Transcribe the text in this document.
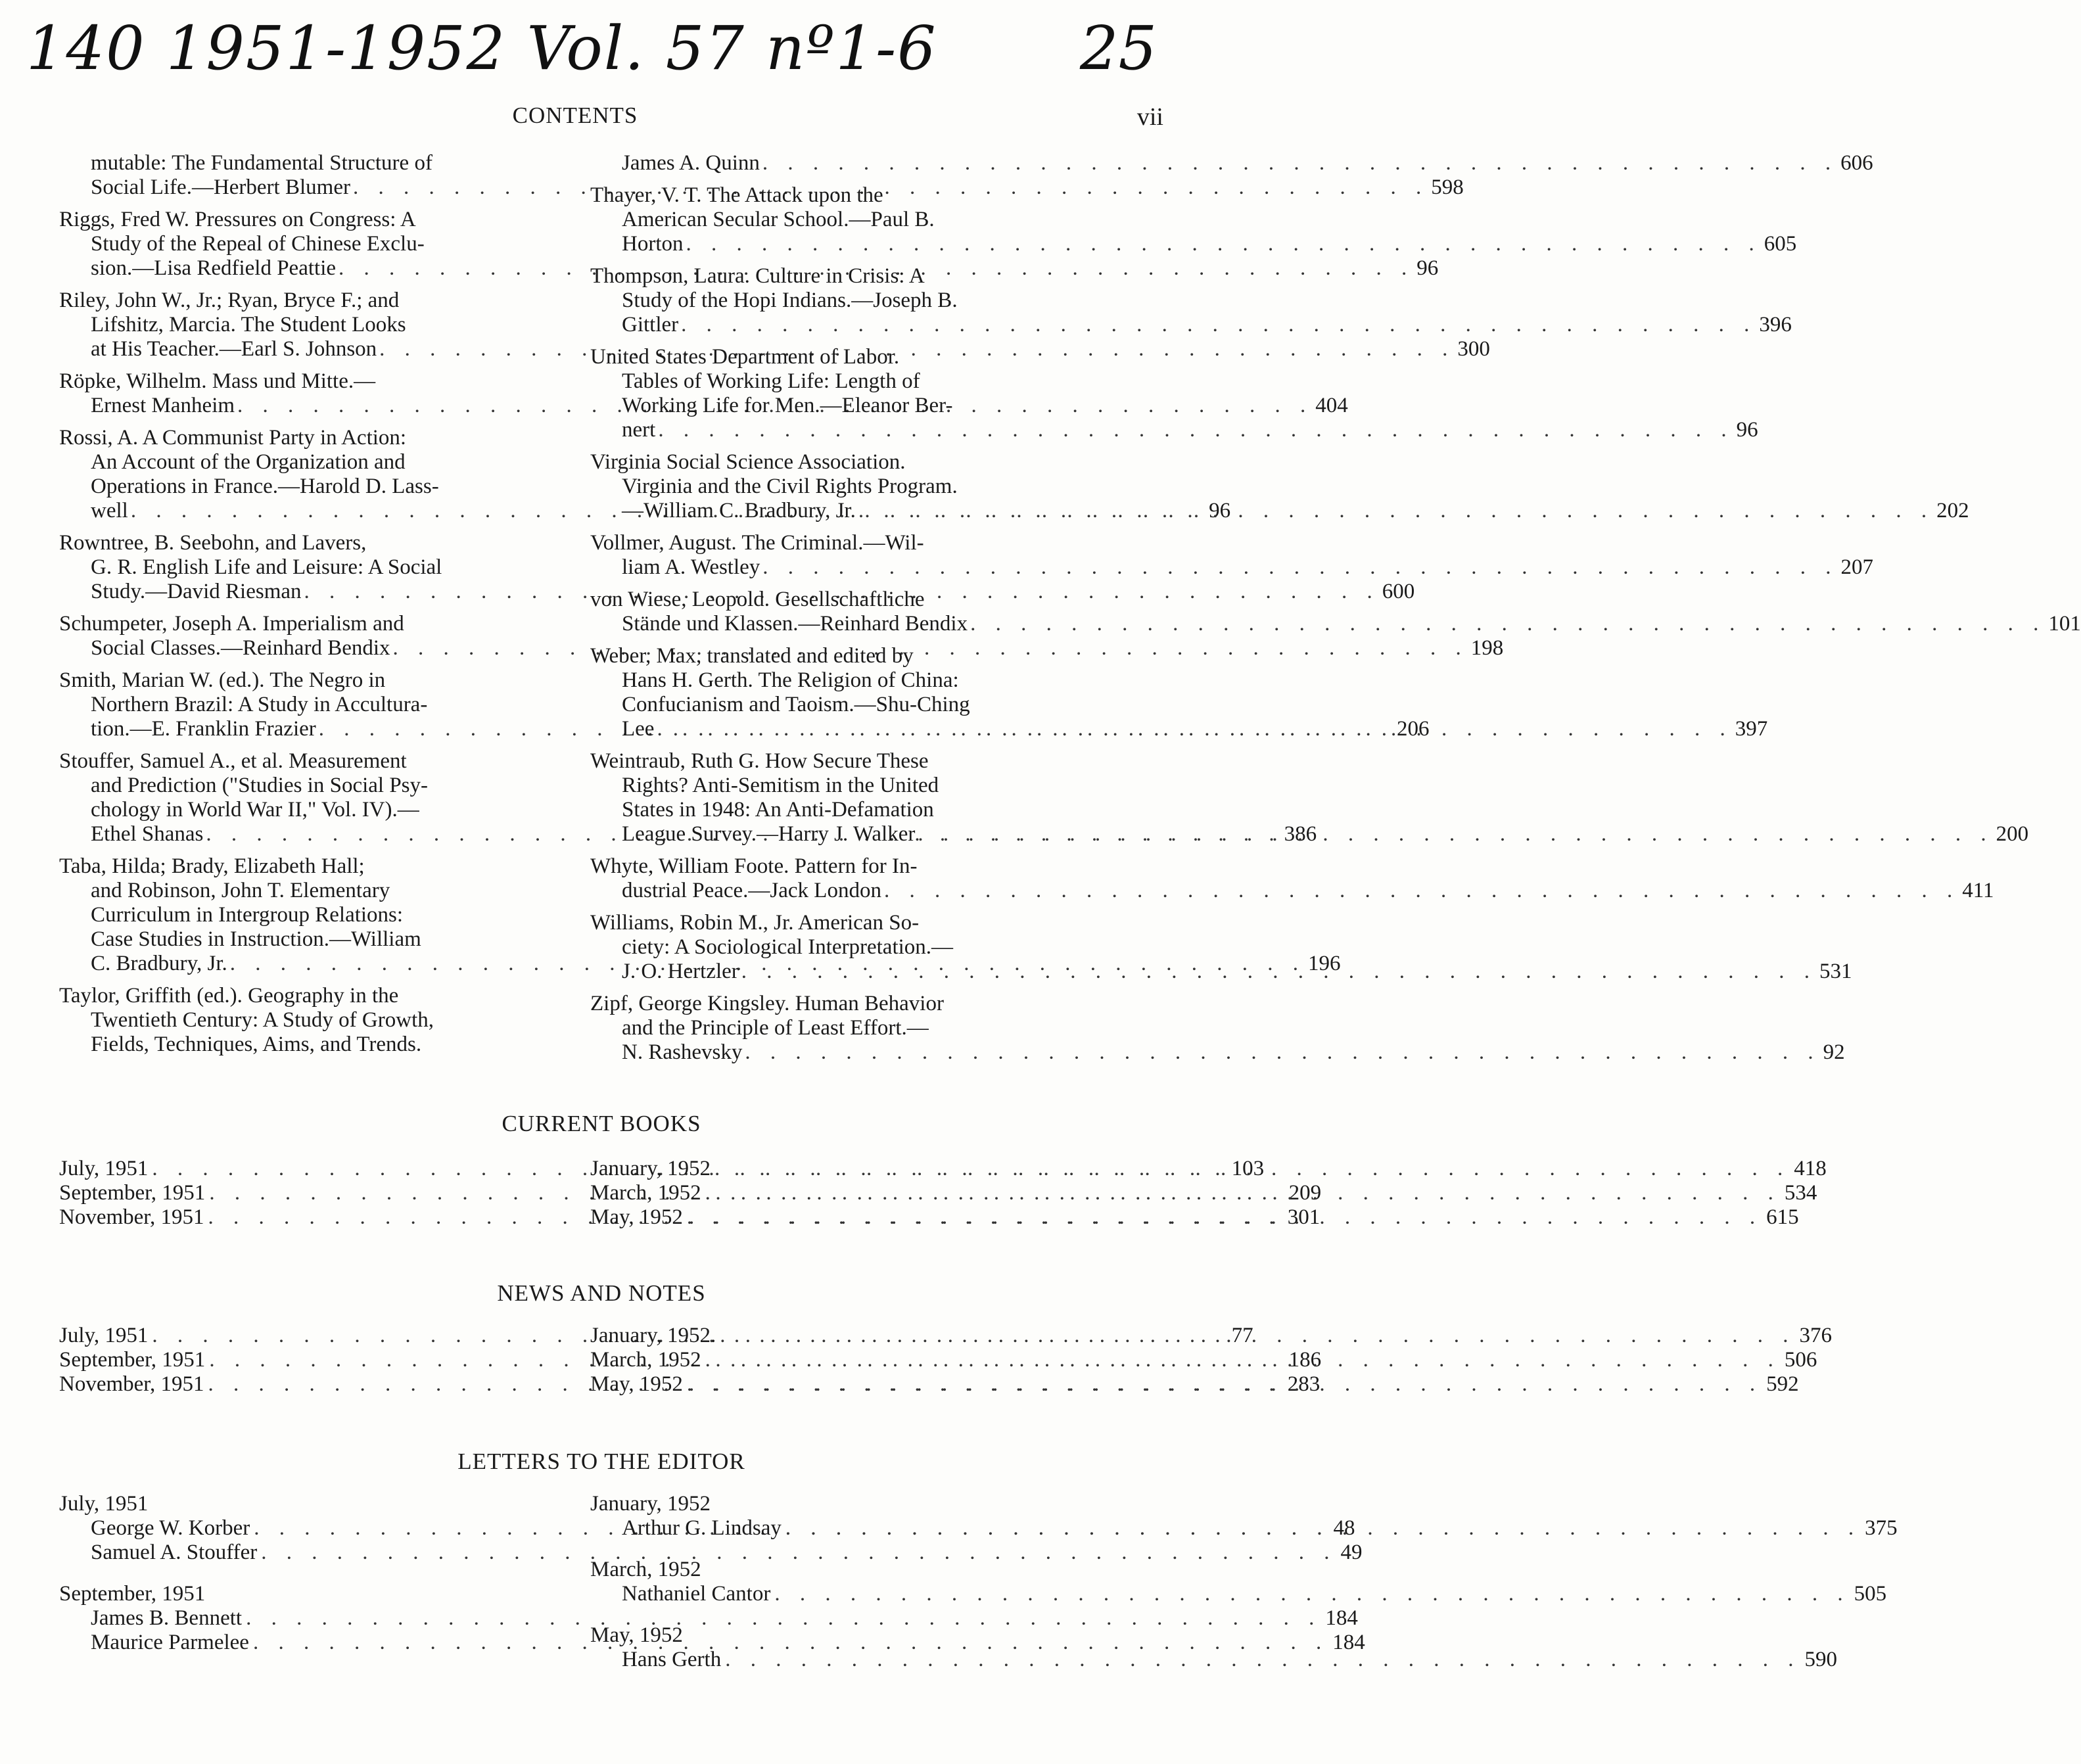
140 1951-1952 Vol. 57 nº1-6 25
CONTENTS	vii
mutable: The Fundamental Structure of
Social Life.—Herbert Blumer . . .	598
Riggs, Fred W. Pressures on Congress: A
Study of the Repeal of Chinese Exclu-
sion.—Lisa Redfield Peattie . . .	96
Riley, John W., Jr.; Ryan, Bryce F.; and
Lifshitz, Marcia. The Student Looks
at His Teacher.—Earl S. Johnson . . .	300
Röpke, Wilhelm. Mass und Mitte.—
Ernest Manheim . . .	404
Rossi, A. A Communist Party in Action:
An Account of the Organization and
Operations in France.—Harold D. Lass-
well . . .	96
Rowntree, B. Seebohn, and Lavers,
G. R. English Life and Leisure: A Social
Study.—David Riesman . . .	600
Schumpeter, Joseph A. Imperialism and
Social Classes.—Reinhard Bendix . . .	198
Smith, Marian W. (ed.). The Negro in
Northern Brazil: A Study in Accultura-
tion.—E. Franklin Frazier . . .	206
Stouffer, Samuel A., et al. Measurement
and Prediction ("Studies in Social Psy-
chology in World War II," Vol. IV).—
Ethel Shanas . . .	386
Taba, Hilda; Brady, Elizabeth Hall;
and Robinson, John T. Elementary
Curriculum in Intergroup Relations:
Case Studies in Instruction.—William
C. Bradbury, Jr. . . .	196
Taylor, Griffith (ed.). Geography in the
Twentieth Century: A Study of Growth,
Fields, Techniques, Aims, and Trends.
James A. Quinn . . .	606
Thayer, V. T. The Attack upon the
American Secular School.—Paul B.
Horton . . .	605
Thompson, Laura. Culture in Crisis: A
Study of the Hopi Indians.—Joseph B.
Gittler . . .	396
United States Department of Labor.
Tables of Working Life: Length of
Working Life for Men.—Eleanor Ber-
nert . . .	96
Virginia Social Science Association.
Virginia and the Civil Rights Program.
—William C. Bradbury, Jr. . . .	202
Vollmer, August. The Criminal.—Wil-
liam A. Westley . . .	207
von Wiese, Leopold. Gesellschaftliche
Stände und Klassen.—Reinhard Bendix . . .	101
Weber, Max, translated and edited by
Hans H. Gerth. The Religion of China:
Confucianism and Taoism.—Shu-Ching
Lee . . .	397
Weintraub, Ruth G. How Secure These
Rights? Anti-Semitism in the United
States in 1948: An Anti-Defamation
League Survey.—Harry J. Walker . . .	200
Whyte, William Foote. Pattern for In-
dustrial Peace.—Jack London . . .	411
Williams, Robin M., Jr. American So-
ciety: A Sociological Interpretation.—
J. O. Hertzler . . .	531
Zipf, George Kingsley. Human Behavior
and the Principle of Least Effort.—
N. Rashevsky . . .	92
CURRENT BOOKS
July, 1951 . . .	103
September, 1951 . . .	209
November, 1951 . . .	301
January, 1952 . . .	418
March, 1952 . . .	534
May, 1952 . . .	615
NEWS AND NOTES
July, 1951 . . .	77
September, 1951 . . .	186
November, 1951 . . .	283
January, 1952. . . .	376
March, 1952 . . .	506
May, 1952 . . .	592
LETTERS TO THE EDITOR
July, 1951
George W. Korber . . .	48
Samuel A. Stouffer . . .	49
September, 1951
James B. Bennett . . .	184
Maurice Parmelee . . .	184
January, 1952
Arthur G. Lindsay . . .	375
March, 1952
Nathaniel Cantor . . .	505
May, 1952
Hans Gerth . . .	590
